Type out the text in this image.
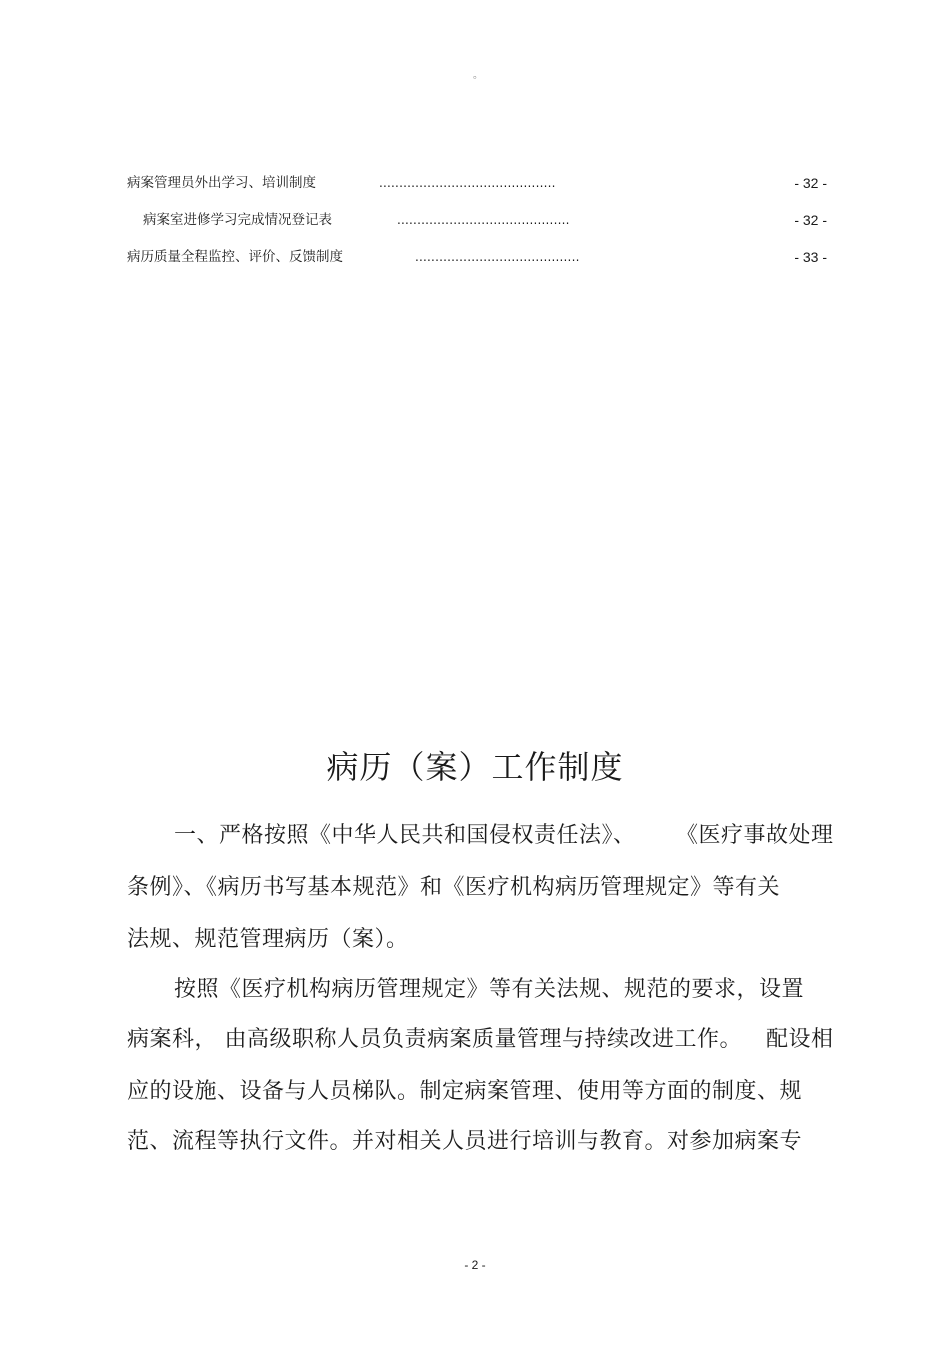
。
病案管理员外出学习、培训制度	............................................	- 32 -
病案室进修学习完成情况登记表	...........................................	- 32 -
病历质量全程监控、评价、反馈制度	.........................................	- 33 -
病历（案）工作制度
一、严格按照《中华人民共和国侵权责任法》、 《医疗事故处理
条例》、《病历书写基本规范》和《医疗机构病历管理规定》等有关
法规、规范管理病历（案）。
按照《医疗机构病历管理规定》等有关法规、规范的要求，设置
病案科， 由高级职称人员负责病案质量管理与持续改进工作。 配设相
应的设施、设备与人员梯队。制定病案管理、使用等方面的制度、规
范、流程等执行文件。并对相关人员进行培训与教育。对参加病案专
- 2 -
